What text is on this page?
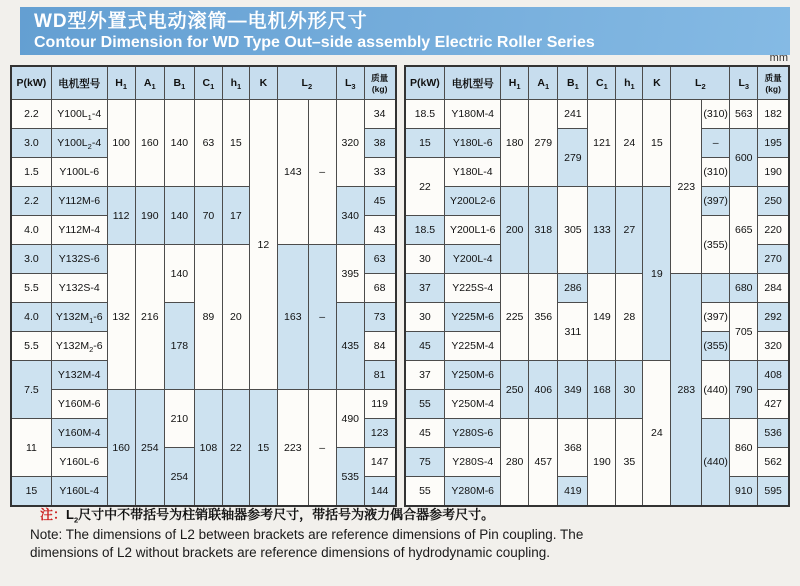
WD型外置式电动滚筒—电机外形尺寸
Contour Dimension for WD Type Out–side assembly Electric Roller Series
mm
P(kW)	电机型号	$H_1$	$A_1$	$B_1$	$C_1$	$h_1$	K	$L_2$		$L_3$	质量(kg)
2.2	$Y100L_1-4$	100	160	140	63	15	12	143	–	320	34
3.0	$Y100L_2-4$										38
1.5	Y100L-6										33
2.2	Y112M-6	112	190	140	70	17				340	45
4.0	Y112M-4										43
3.0	Y132S-6	132	216	140	89	20		163	–	395	63
5.5	Y132S-4										68
4.0	$Y132M_1-6$			178						435	73
5.5	$Y132M_2-6$										84
7.5	Y132M-4										81
	Y160M-6	160	254	210	108	22	15	223	–	490	119
11	Y160M-4										123
	Y160L-6			254						535	147
15	Y160L-4										144
P(kW)	电机型号	$H_1$	$A_1$	$B_1$	$C_1$	$h_1$	K	$L_2$		$L_3$	质量(kg)
18.5	Y180M-4	180	279	241	121	24	15	223	(310)	563	182
15	Y180L-6			279					–	600	195
22	Y180L-4								(310)		190
	Y200L2-6	200	318	305	133	27	19		(397)	665	250
18.5	Y200L1-6								(355)		220
30	Y200L-4										270
37	Y225S-4	225	356	286	149	28		283		680	284
30	Y225M-6			311					(397)	705	292
45	Y225M-4								(355)		320
37	Y250M-6	250	406	349	168	30	24		(440)	790	408
55	Y250M-4										427
45	Y280S-6	280	457	368	190	35			(440)	860	536
75	Y280S-4										562
55	Y280M-6			419						910	595
注：$L_2$尺寸中不带括号为柱销联轴器参考尺寸，带括号为液力偶合器参考尺寸。
Note: The dimensions of L2 between brackets are reference dimensions of Pin coupling. The dimensions of L2 without brackets are reference dimensions of hydrodynamic coupling.
